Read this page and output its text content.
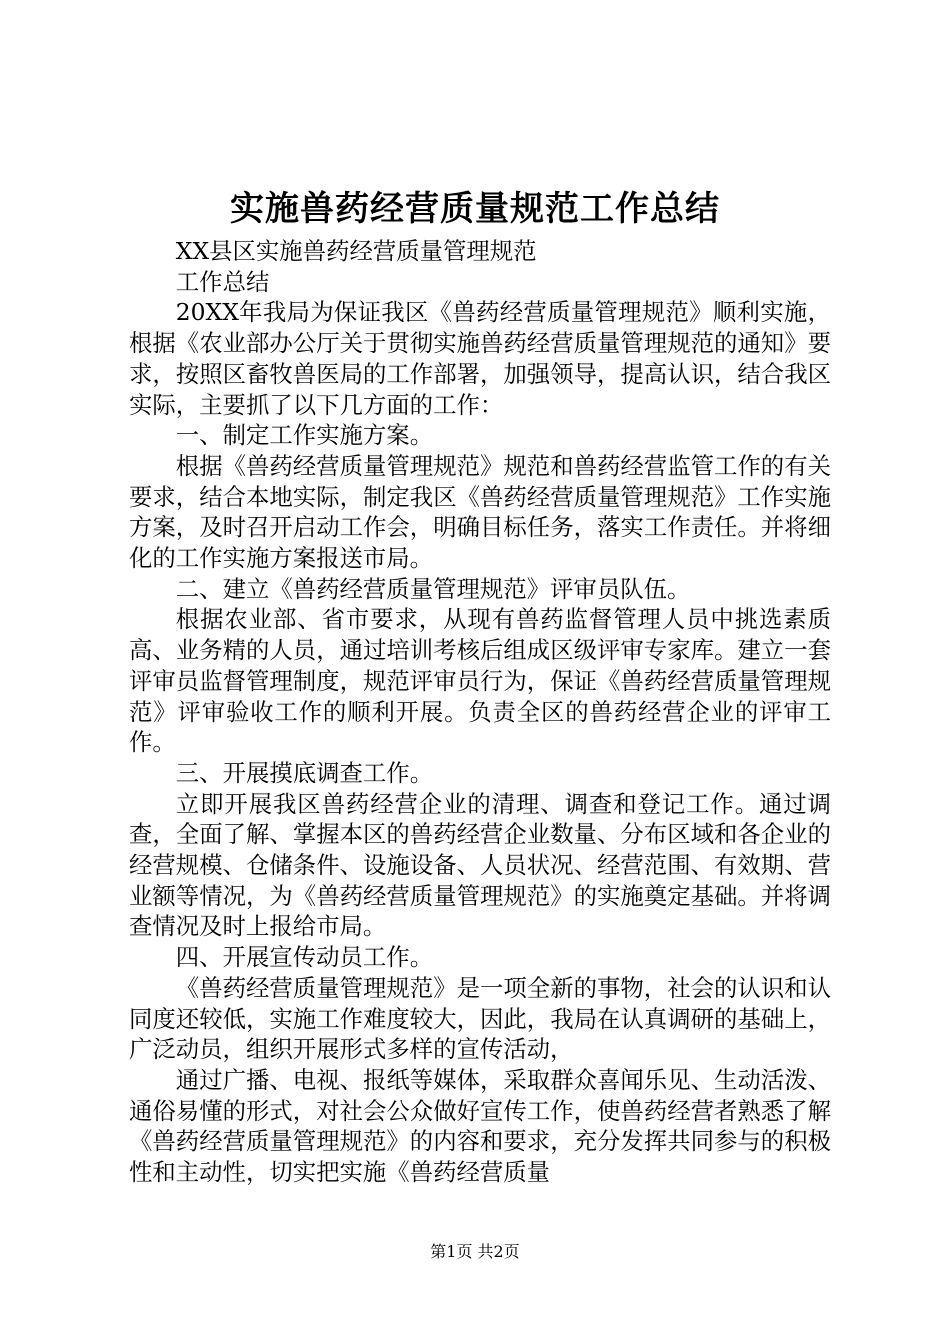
实施兽药经营质量规范工作总结

XX县区实施兽药经营质量管理规范

工作总结

20XX年我局为保证我区《兽药经营质量管理规范》顺利实施，根据《农业部办公厅关于贯彻实施兽药经营质量管理规范的通知》要求，按照区畜牧兽医局的工作部署，加强领导，提高认识，结合我区实际，主要抓了以下几方面的工作：

一、制定工作实施方案。

根据《兽药经营质量管理规范》规范和兽药经营监管工作的有关要求，结合本地实际，制定我区《兽药经营质量管理规范》工作实施方案，及时召开启动工作会，明确目标任务，落实工作责任。并将细化的工作实施方案报送市局。

二、建立《兽药经营质量管理规范》评审员队伍。

根据农业部、省市要求，从现有兽药监督管理人员中挑选素质高、业务精的人员，通过培训考核后组成区级评审专家库。建立一套评审员监督管理制度，规范评审员行为，保证《兽药经营质量管理规范》评审验收工作的顺利开展。负责全区的兽药经营企业的评审工作。

三、开展摸底调查工作。

立即开展我区兽药经营企业的清理、调查和登记工作。通过调查，全面了解、掌握本区的兽药经营企业数量、分布区域和各企业的经营规模、仓储条件、设施设备、人员状况、经营范围、有效期、营业额等情况，为《兽药经营质量管理规范》的实施奠定基础。并将调查情况及时上报给市局。

四、开展宣传动员工作。

《兽药经营质量管理规范》是一项全新的事物，社会的认识和认同度还较低，实施工作难度较大，因此，我局在认真调研的基础上，广泛动员，组织开展形式多样的宣传活动，

通过广播、电视、报纸等媒体，采取群众喜闻乐见、生动活泼、通俗易懂的形式，对社会公众做好宣传工作，使兽药经营者熟悉了解《兽药经营质量管理规范》的内容和要求，充分发挥共同参与的积极性和主动性，切实把实施《兽药经营质量

第1页 共2页
